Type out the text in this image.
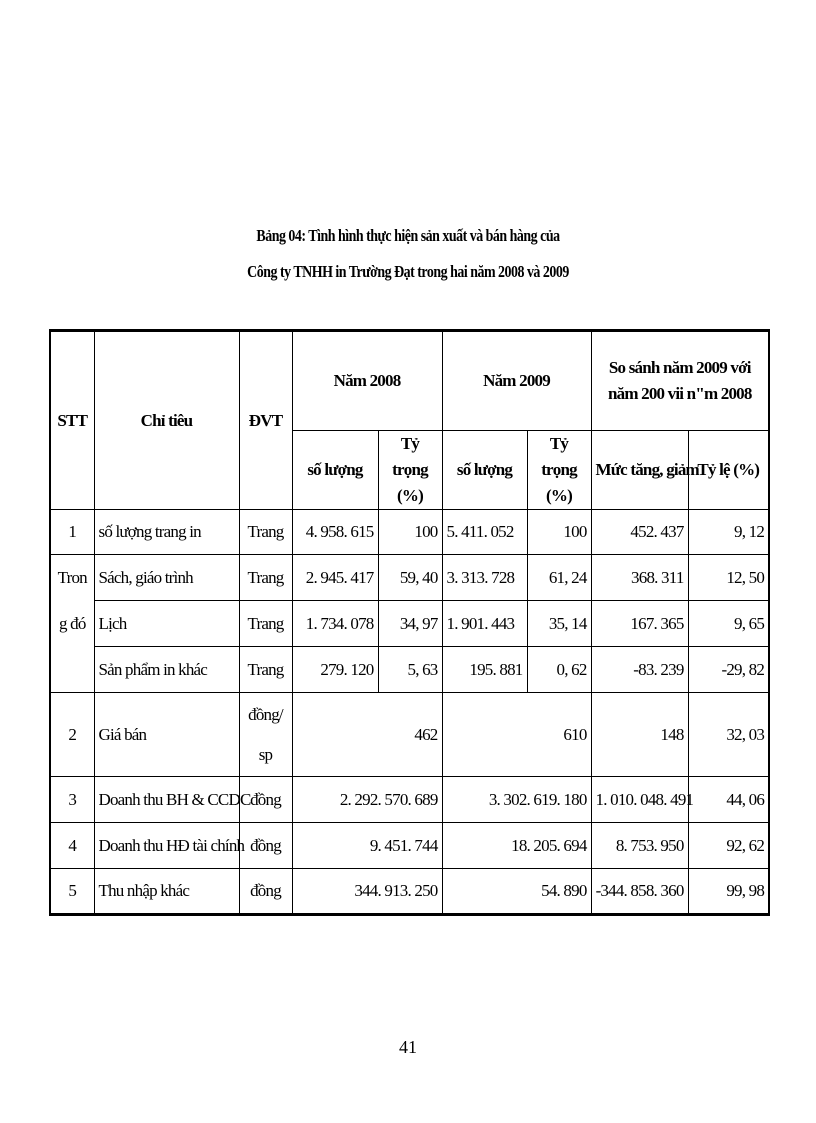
Bảng 04: Tình hình thực hiện sản xuất và bán hàng của
Công ty TNHH in Trường Đạt trong hai năm 2008 và 2009
STT	Chỉ tiêu	ĐVT	Năm 2008		Năm 2009		So sánh năm 2009 với năm 200 vii n"m 2008	
			số lượng	Tỷ trọng (%)	số lượng	Tỷ trọng (%)	Mức tăng, giảm	Tỷ lệ (%)
1	số lượng trang in	Trang	4. 958. 615	100	5. 411. 052	100	452. 437	9, 12
Tron g đó	Sách, giáo trình	Trang	2. 945. 417	59, 40	3. 313. 728	61, 24	368. 311	12, 50
	Lịch	Trang	1. 734. 078	34, 97	1. 901. 443	35, 14	167. 365	9, 65
	Sản phẩm in khác	Trang	279. 120	5, 63	195. 881	0, 62	-83. 239	-29, 82
2	Giá bán	đồng/ sp	462		610		148	32, 03
3	Doanh thu BH & CCDC	đồng	2. 292. 570. 689		3. 302. 619. 180		1. 010. 048. 491	44, 06
4	Doanh thu HĐ tài chính	đồng	9. 451. 744		18. 205. 694		8. 753. 950	92, 62
5	Thu nhập khác	đồng	344. 913. 250		54. 890		-344. 858. 360	99, 98
41
